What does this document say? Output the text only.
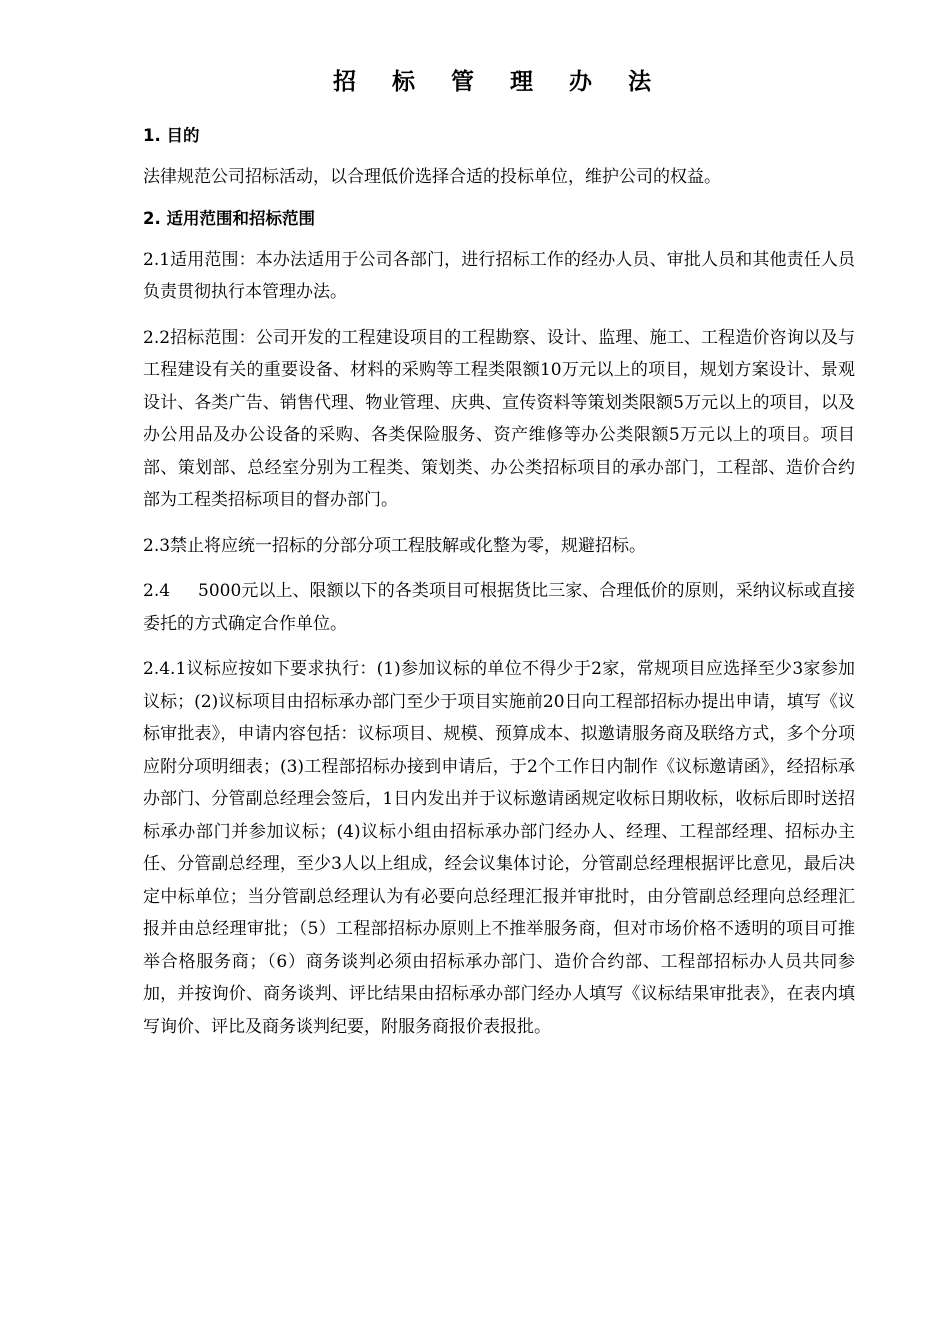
招 标 管 理 办 法
1. 目的

法律规范公司招标活动，以合理低价选择合适的投标单位，维护公司的权益。

2. 适用范围和招标范围

2.1适用范围：本办法适用于公司各部门，进行招标工作的经办人员、审批人员和其他责任人员负责贯彻执行本管理办法。

2.2招标范围：公司开发的工程建设项目的工程勘察、设计、监理、施工、工程造价咨询以及与工程建设有关的重要设备、材料的采购等工程类限额10万元以上的项目，规划方案设计、景观设计、各类广告、销售代理、物业管理、庆典、宣传资料等策划类限额5万元以上的项目，以及办公用品及办公设备的采购、各类保险服务、资产维修等办公类限额5万元以上的项目。项目部、策划部、总经室分别为工程类、策划类、办公类招标项目的承办部门，工程部、造价合约部为工程类招标项目的督办部门。

2.3禁止将应统一招标的分部分项工程肢解或化整为零，规避招标。

2.4　  5000元以上、限额以下的各类项目可根据货比三家、合理低价的原则，采纳议标或直接委托的方式确定合作单位。

2.4.1议标应按如下要求执行：(1)参加议标的单位不得少于2家，常规项目应选择至少3家参加议标；(2)议标项目由招标承办部门至少于项目实施前20日向工程部招标办提出申请，填写《议标审批表》，申请内容包括：议标项目、规模、预算成本、拟邀请服务商及联络方式，多个分项应附分项明细表；(3)工程部招标办接到申请后，于2个工作日内制作《议标邀请函》，经招标承办部门、分管副总经理会签后，1日内发出并于议标邀请函规定收标日期收标，收标后即时送招标承办部门并参加议标；(4)议标小组由招标承办部门经办人、经理、工程部经理、招标办主任、分管副总经理，至少3人以上组成，经会议集体讨论，分管副总经理根据评比意见，最后决定中标单位；当分管副总经理认为有必要向总经理汇报并审批时，由分管副总经理向总经理汇报并由总经理审批；（5）工程部招标办原则上不推举服务商，但对市场价格不透明的项目可推举合格服务商；（6）商务谈判必须由招标承办部门、造价合约部、工程部招标办人员共同参加，并按询价、商务谈判、评比结果由招标承办部门经办人填写《议标结果审批表》，在表内填写询价、评比及商务谈判纪要，附服务商报价表报批。
